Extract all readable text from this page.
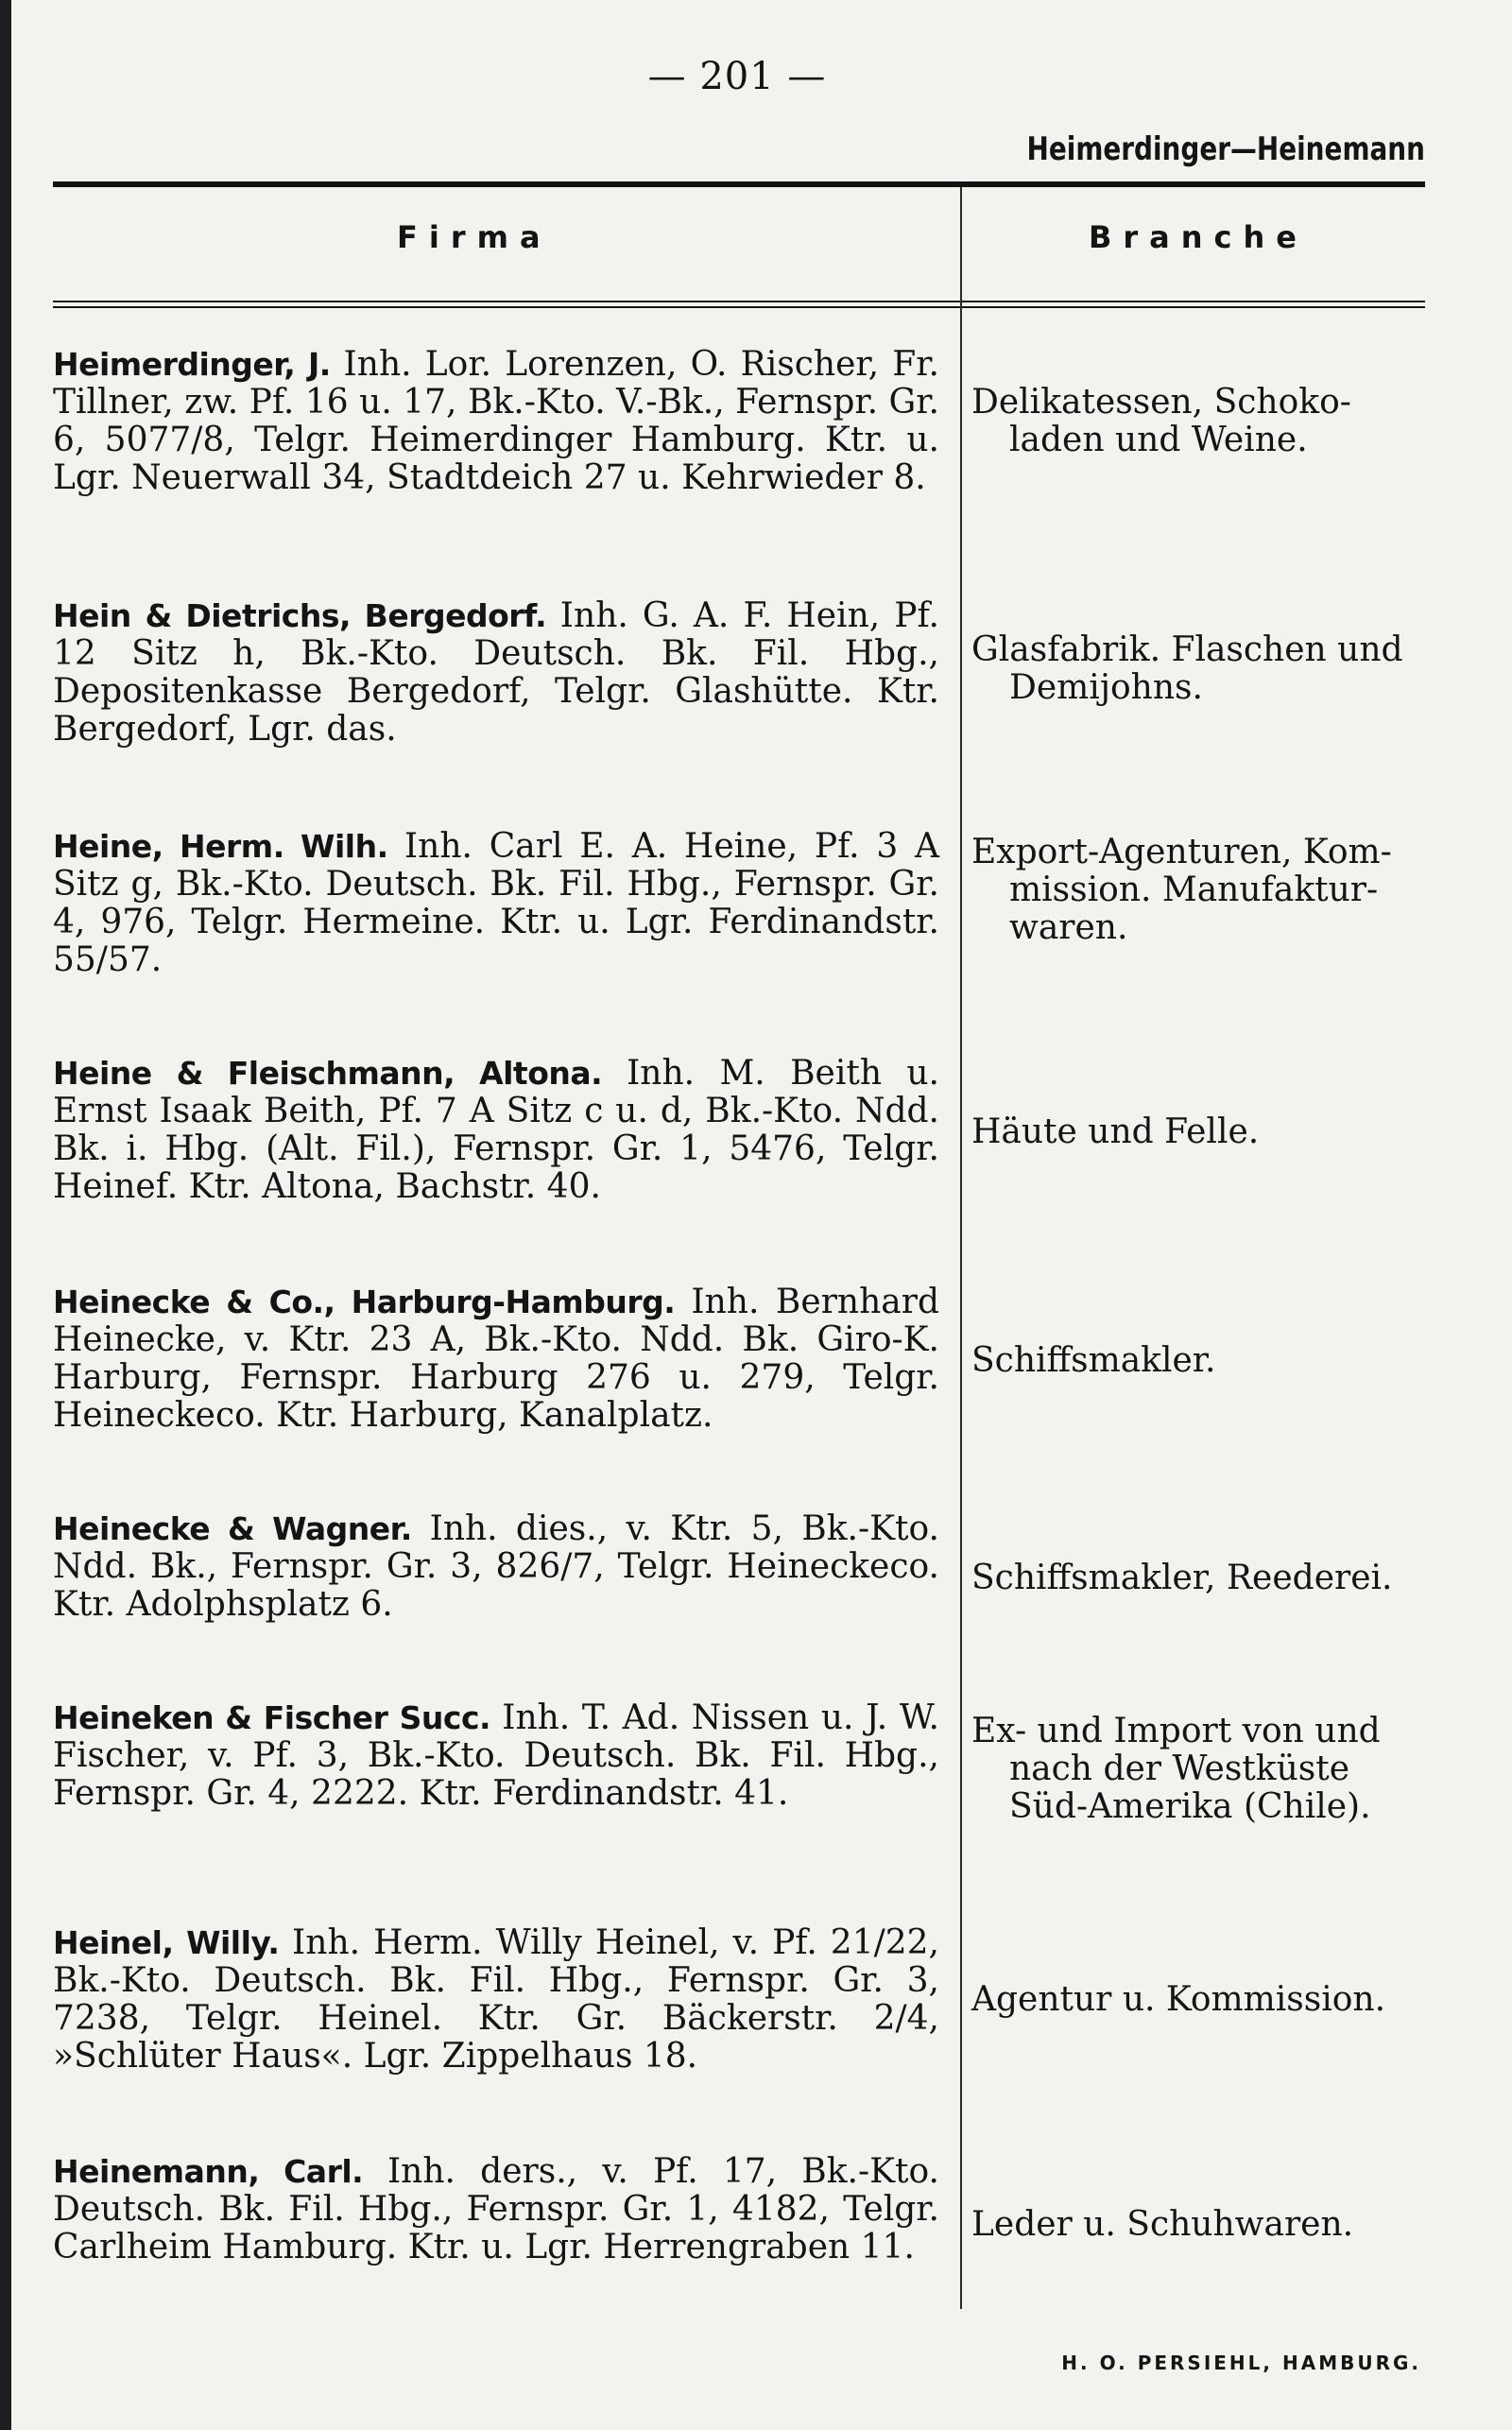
— 201 —
Heimerdinger—Heinemann
Firma	Branche
Heimerdinger, J. Inh. Lor. Lorenzen, O. Rischer, Fr. Tillner, zw. Pf. 16 u. 17, Bk.-Kto. V.-Bk., Fernspr. Gr. 6, 5077/8, Telgr. Heimerdinger Hamburg. Ktr. u. Lgr. Neuerwall 34, Stadtdeich 27 u. Kehrwieder 8.
Delikatessen, Schoko-
laden und Weine.
Hein & Dietrichs, Bergedorf. Inh. G. A. F. Hein, Pf. 12 Sitz h, Bk.-Kto. Deutsch. Bk. Fil. Hbg., Depositenkasse Bergedorf, Telgr. Glashütte. Ktr. Bergedorf, Lgr. das.
Glasfabrik. Flaschen und
Demijohns.
Heine, Herm. Wilh. Inh. Carl E. A. Heine, Pf. 3 A Sitz g, Bk.-Kto. Deutsch. Bk. Fil. Hbg., Fernspr. Gr. 4, 976, Telgr. Hermeine. Ktr. u. Lgr. Ferdinandstr. 55/57.
Export-Agenturen, Kom-
mission. Manufaktur-
waren.
Heine & Fleischmann, Altona. Inh. M. Beith u. Ernst Isaak Beith, Pf. 7 A Sitz c u. d, Bk.-Kto. Ndd. Bk. i. Hbg. (Alt. Fil.), Fernspr. Gr. 1, 5476, Telgr. Heinef. Ktr. Altona, Bachstr. 40.
Häute und Felle.
Heinecke & Co., Harburg-Hamburg. Inh. Bernhard Heinecke, v. Ktr. 23 A, Bk.-Kto. Ndd. Bk. Giro-K. Harburg, Fernspr. Harburg 276 u. 279, Telgr. Heineckeco. Ktr. Harburg, Kanalplatz.
Schiffsmakler.
Heinecke & Wagner. Inh. dies., v. Ktr. 5, Bk.-Kto. Ndd. Bk., Fernspr. Gr. 3, 826/7, Telgr. Heineckeco. Ktr. Adolphsplatz 6.
Schiffsmakler, Reederei.
Heineken & Fischer Succ. Inh. T. Ad. Nissen u. J. W. Fischer, v. Pf. 3, Bk.-Kto. Deutsch. Bk. Fil. Hbg., Fernspr. Gr. 4, 2222. Ktr. Ferdinandstr. 41.
Ex- und Import von und
nach der Westküste
Süd-Amerika (Chile).
Heinel, Willy. Inh. Herm. Willy Heinel, v. Pf. 21/22, Bk.-Kto. Deutsch. Bk. Fil. Hbg., Fernspr. Gr. 3, 7238, Telgr. Heinel. Ktr. Gr. Bäckerstr. 2/4, »Schlüter Haus«. Lgr. Zippelhaus 18.
Agentur u. Kommission.
Heinemann, Carl. Inh. ders., v. Pf. 17, Bk.-Kto. Deutsch. Bk. Fil. Hbg., Fernspr. Gr. 1, 4182, Telgr. Carlheim Hamburg. Ktr. u. Lgr. Herrengraben 11.
Leder u. Schuhwaren.
H. O. PERSIEHL, HAMBURG.
